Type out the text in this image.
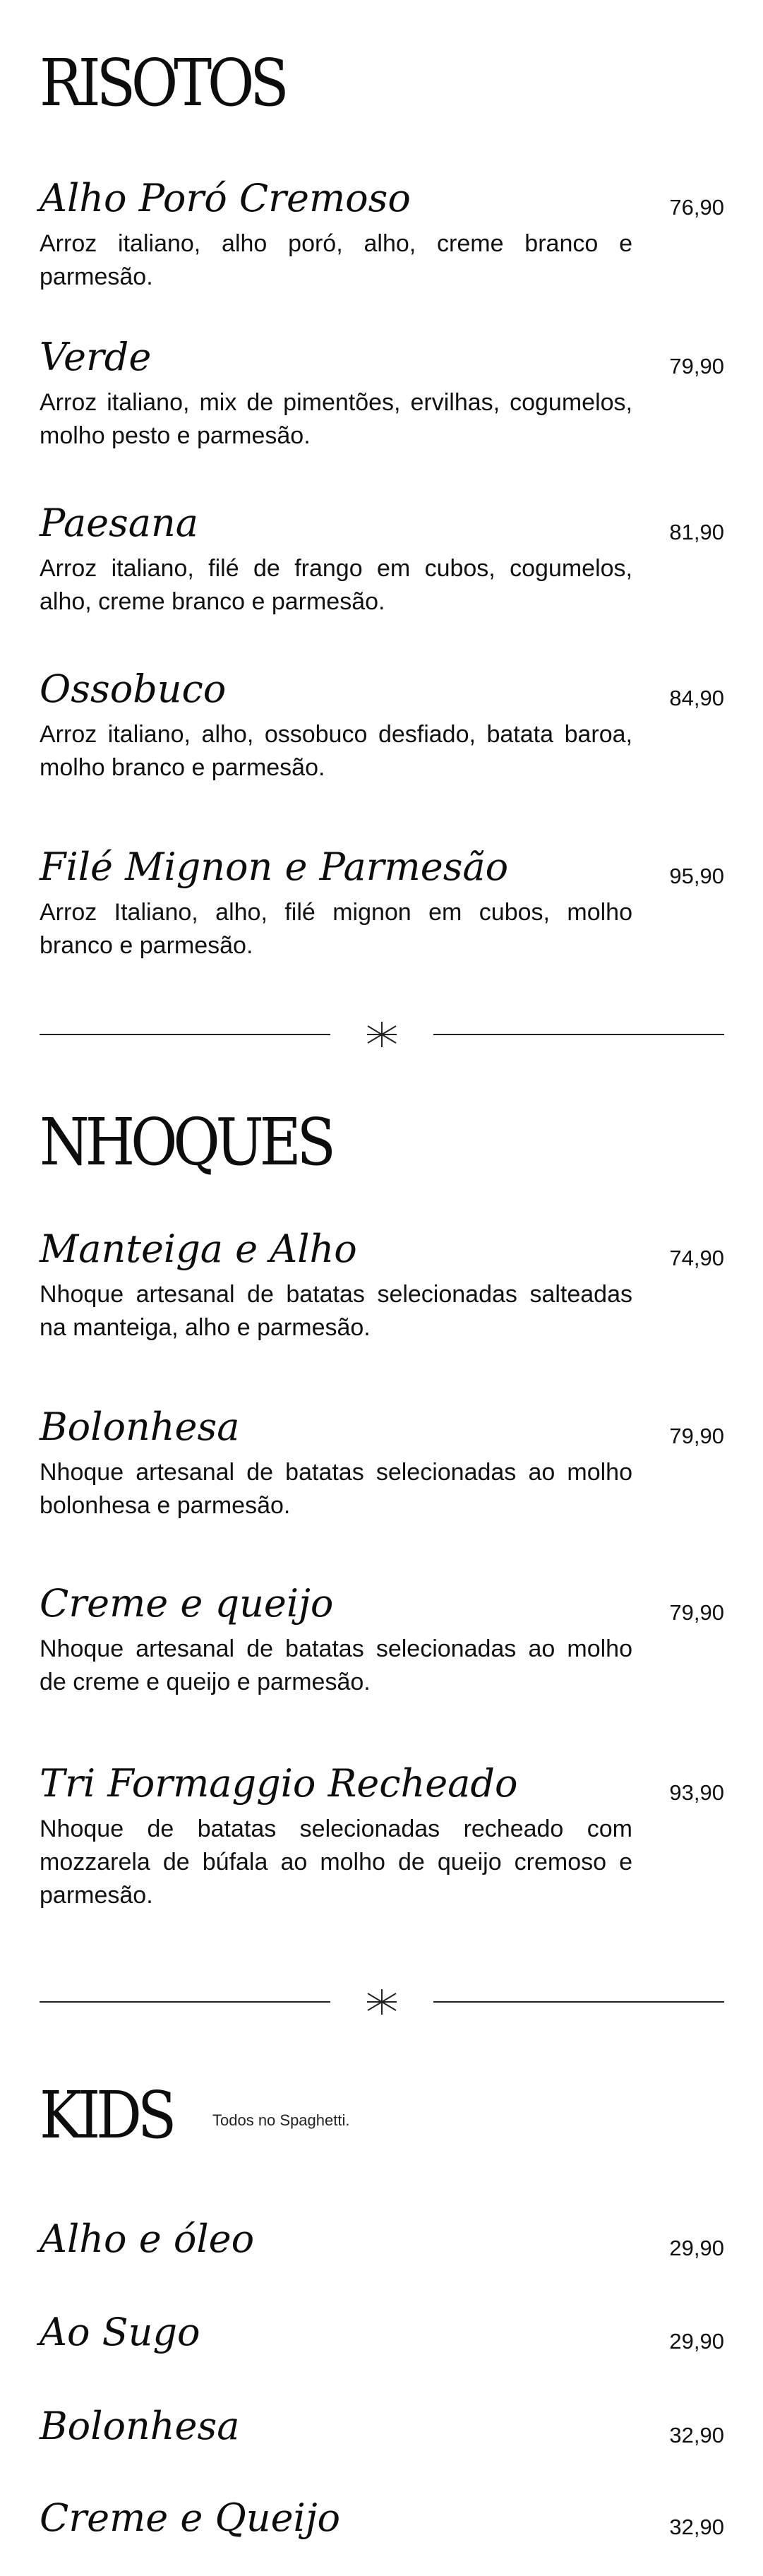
RISOTOS
Alho Poró Cremoso	76,90

Arroz italiano, alho poró, alho, creme branco e parmesão.

Verde	79,90

Arroz italiano, mix de pimentões, ervilhas, cogumelos, molho pesto e parmesão.

Paesana	81,90

Arroz italiano, filé de frango em cubos, cogumelos, alho, creme branco e parmesão.

Ossobuco	84,90

Arroz italiano, alho, ossobuco desfiado, batata baroa, molho branco e parmesão.

Filé Mignon e Parmesão	95,90

Arroz Italiano, alho, filé mignon em cubos, molho branco e parmesão.

NHOQUES
Manteiga e Alho	74,90

Nhoque artesanal de batatas selecionadas salteadas na manteiga, alho e parmesão.

Bolonhesa	79,90

Nhoque artesanal de batatas selecionadas ao molho bolonhesa e parmesão.

Creme e queijo	79,90

Nhoque artesanal de batatas selecionadas ao molho de creme e queijo e parmesão.

Tri Formaggio Recheado	93,90

Nhoque de batatas selecionadas recheado com mozzarela de búfala ao molho de queijo cremoso e parmesão.

KIDS	Todos no Spaghetti.
Alho e óleo	29,90
Ao Sugo	29,90
Bolonhesa	32,90
Creme e Queijo	32,90
